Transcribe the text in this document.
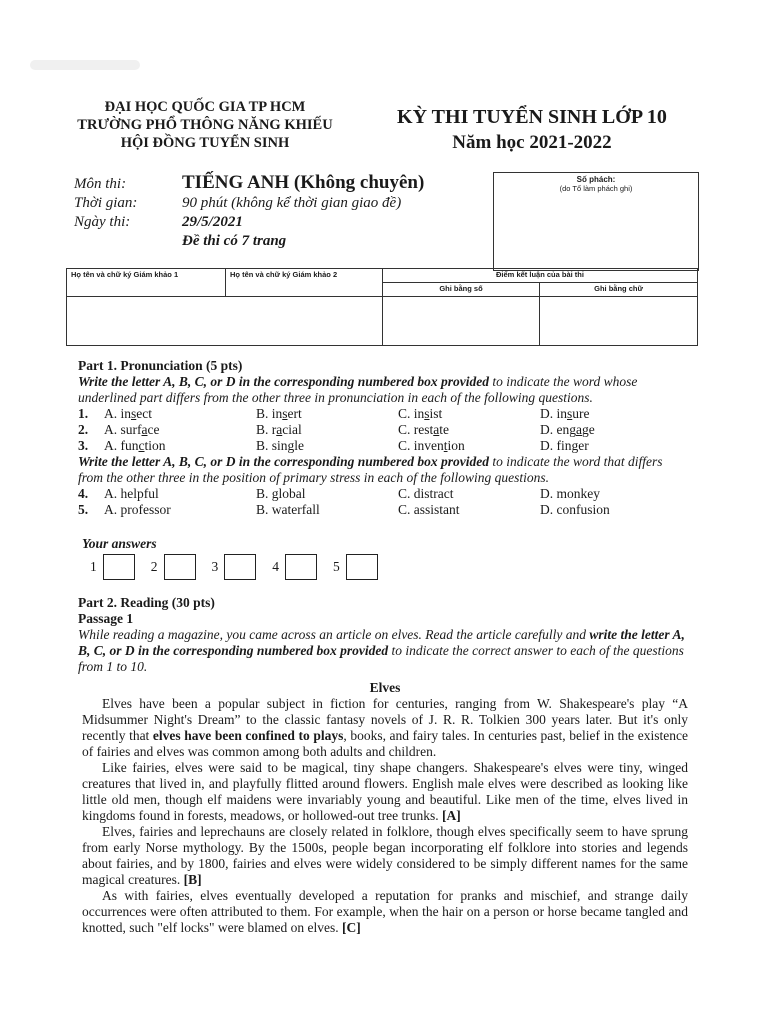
ĐẠI HỌC QUỐC GIA TP HCM
TRƯỜNG PHỔ THÔNG NĂNG KHIẾU
HỘI ĐỒNG TUYỂN SINH
KỲ THI TUYỂN SINH LỚP 10
Năm học 2021-2022
Môn thi:	TIẾNG ANH (Không chuyên)
Thời gian:	90 phút (không kể thời gian giao đề)
Ngày thi:	29/5/2021
Đề thi có 7 trang
Số phách:
(do Tổ làm phách ghi)
Họ tên và chữ ký Giám khảo 1	Họ tên và chữ ký Giám khảo 2	Điểm kết luận của bài thi	
		Ghi bằng số	Ghi bằng chữ

Part 1. Pronunciation (5 pts)
Write the letter A, B, C, or D in the corresponding numbered box provided to indicate the word whose underlined part differs from the other three in pronunciation in each of the following questions.
1.	A. insect	B. insert	C. insist	D. insure
2.	A. surface	B. racial	C. restate	D. engage
3.	A. function	B. single	C. invention	D. finger
Write the letter A, B, C, or D in the corresponding numbered box provided to indicate the word that differs from the other three in the position of primary stress in each of the following questions.
4.	A. helpful	B. global	C. distract	D. monkey
5.	A. professor	B. waterfall	C. assistant	D. confusion
Your answers
1	2	3	4	5
Part 2. Reading (30 pts)
Passage 1
While reading a magazine, you came across an article on elves. Read the article carefully and write the letter A, B, C, or D in the corresponding numbered box provided to indicate the correct answer to each of the questions from 1 to 10.

Elves

Elves have been a popular subject in fiction for centuries, ranging from W. Shakespeare's play “A Midsummer Night's Dream” to the classic fantasy novels of J. R. R. Tolkien 300 years later. But it's only recently that elves have been confined to plays, books, and fairy tales. In centuries past, belief in the existence of fairies and elves was common among both adults and children.

Like fairies, elves were said to be magical, tiny shape changers. Shakespeare's elves were tiny, winged creatures that lived in, and playfully flitted around flowers. English male elves were described as looking like little old men, though elf maidens were invariably young and beautiful. Like men of the time, elves lived in kingdoms found in forests, meadows, or hollowed-out tree trunks. [A]

Elves, fairies and leprechauns are closely related in folklore, though elves specifically seem to have sprung from early Norse mythology. By the 1500s, people began incorporating elf folklore into stories and legends about fairies, and by 1800, fairies and elves were widely considered to be simply different names for the same magical creatures. [B]

As with fairies, elves eventually developed a reputation for pranks and mischief, and strange daily occurrences were often attributed to them. For example, when the hair on a person or horse became tangled and knotted, such "elf locks" were blamed on elves. [C]
